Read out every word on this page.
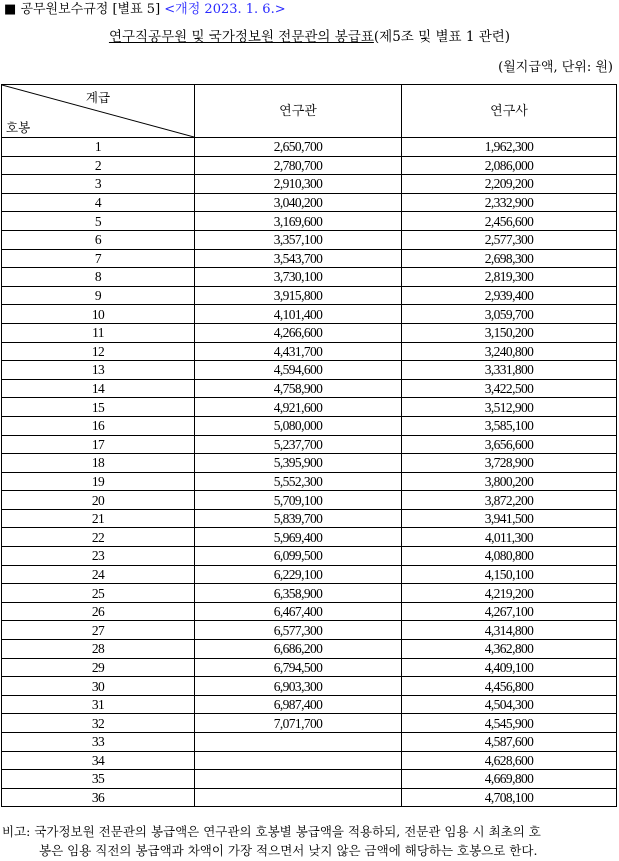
■ 공무원보수규정 [별표 5] <개정 2023. 1. 6.>
연구직공무원 및 국가정보원 전문관의 봉급표(제5조 및 별표 1 관련)
(월지급액, 단위: 원)
계급
호봉	연구관	연구사
1	2,650,700	1,962,300
2	2,780,700	2,086,000
3	2,910,300	2,209,200
4	3,040,200	2,332,900
5	3,169,600	2,456,600
6	3,357,100	2,577,300
7	3,543,700	2,698,300
8	3,730,100	2,819,300
9	3,915,800	2,939,400
10	4,101,400	3,059,700
11	4,266,600	3,150,200
12	4,431,700	3,240,800
13	4,594,600	3,331,800
14	4,758,900	3,422,500
15	4,921,600	3,512,900
16	5,080,000	3,585,100
17	5,237,700	3,656,600
18	5,395,900	3,728,900
19	5,552,300	3,800,200
20	5,709,100	3,872,200
21	5,839,700	3,941,500
22	5,969,400	4,011,300
23	6,099,500	4,080,800
24	6,229,100	4,150,100
25	6,358,900	4,219,200
26	6,467,400	4,267,100
27	6,577,300	4,314,800
28	6,686,200	4,362,800
29	6,794,500	4,409,100
30	6,903,300	4,456,800
31	6,987,400	4,504,300
32	7,071,700	4,545,900
33		4,587,600
34		4,628,600
35		4,669,800
36		4,708,100
비고: 국가정보원 전문관의 봉급액은 연구관의 호봉별 봉급액을 적용하되, 전문관 임용 시 최초의 호
봉은 임용 직전의 봉급액과 차액이 가장 적으면서 낮지 않은 금액에 해당하는 호봉으로 한다.
